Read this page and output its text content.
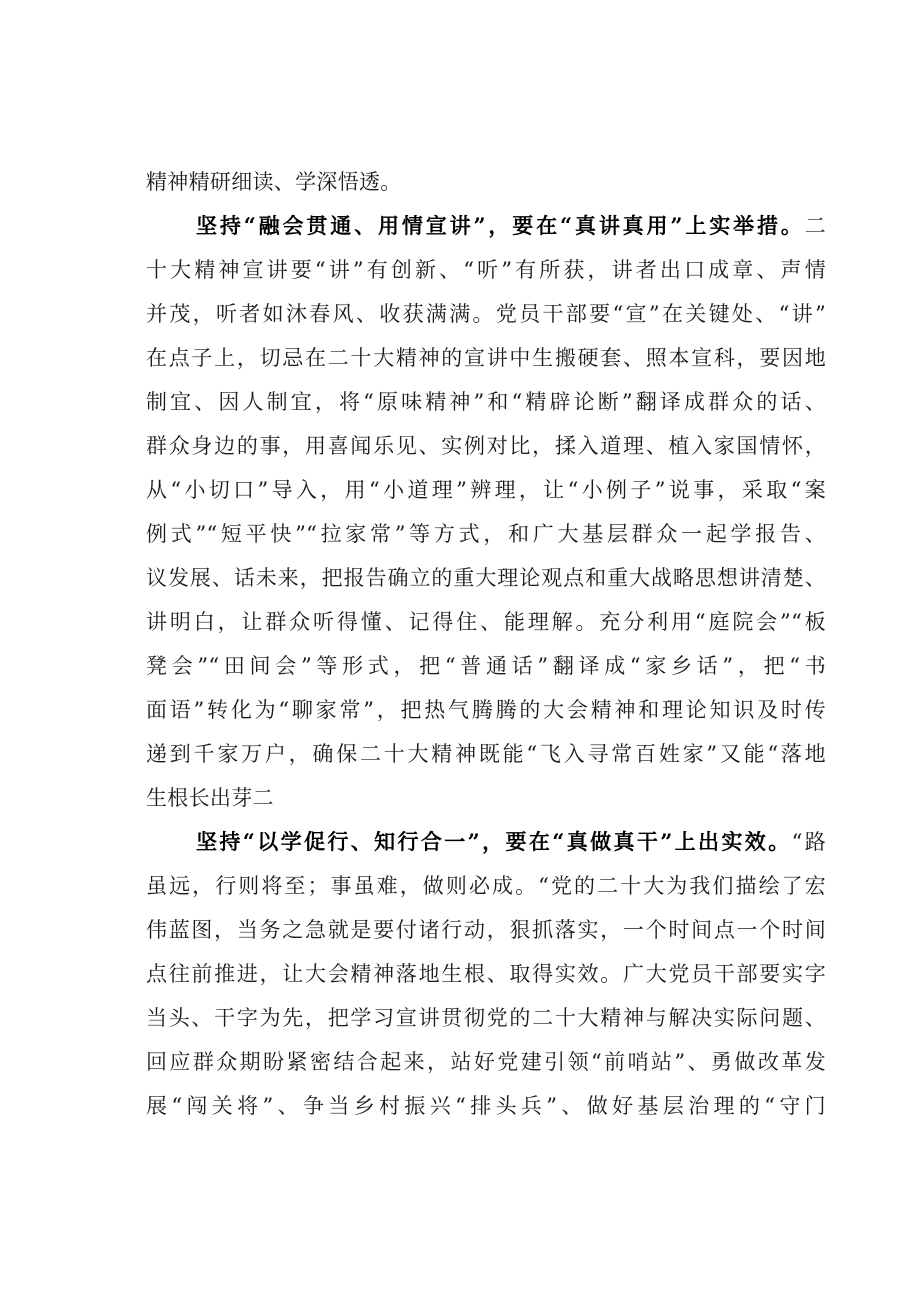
精神精研细读、学深悟透。
坚持“融会贯通、用情宣讲”，要在“真讲真用”上实举措。二
十大精神宣讲要“讲”有创新、“听”有所获，讲者出口成章、声情
并茂，听者如沐春风、收获满满。党员干部要“宣”在关键处、“讲”
在点子上，切忌在二十大精神的宣讲中生搬硬套、照本宣科，要因地
制宜、因人制宜，将“原味精神”和“精辟论断”翻译成群众的话、
群众身边的事，用喜闻乐见、实例对比，揉入道理、植入家国情怀，
从“小切口”导入，用“小道理”辨理，让“小例子”说事，采取“案
例式”“短平快”“拉家常”等方式，和广大基层群众一起学报告、
议发展、话未来，把报告确立的重大理论观点和重大战略思想讲清楚、
讲明白，让群众听得懂、记得住、能理解。充分利用“庭院会”“板
凳会”“田间会”等形式，把“普通话”翻译成“家乡话”，把“书
面语”转化为“聊家常”，把热气腾腾的大会精神和理论知识及时传
递到千家万户，确保二十大精神既能“飞入寻常百姓家”又能“落地
生根长出芽二
坚持“以学促行、知行合一”，要在“真做真干”上出实效。“路
虽远，行则将至；事虽难，做则必成。“党的二十大为我们描绘了宏
伟蓝图，当务之急就是要付诸行动，狠抓落实，一个时间点一个时间
点往前推进，让大会精神落地生根、取得实效。广大党员干部要实字
当头、干字为先，把学习宣讲贯彻党的二十大精神与解决实际问题、
回应群众期盼紧密结合起来，站好党建引领“前哨站”、勇做改革发
展“闯关将”、争当乡村振兴“排头兵”、做好基层治理的“守门
